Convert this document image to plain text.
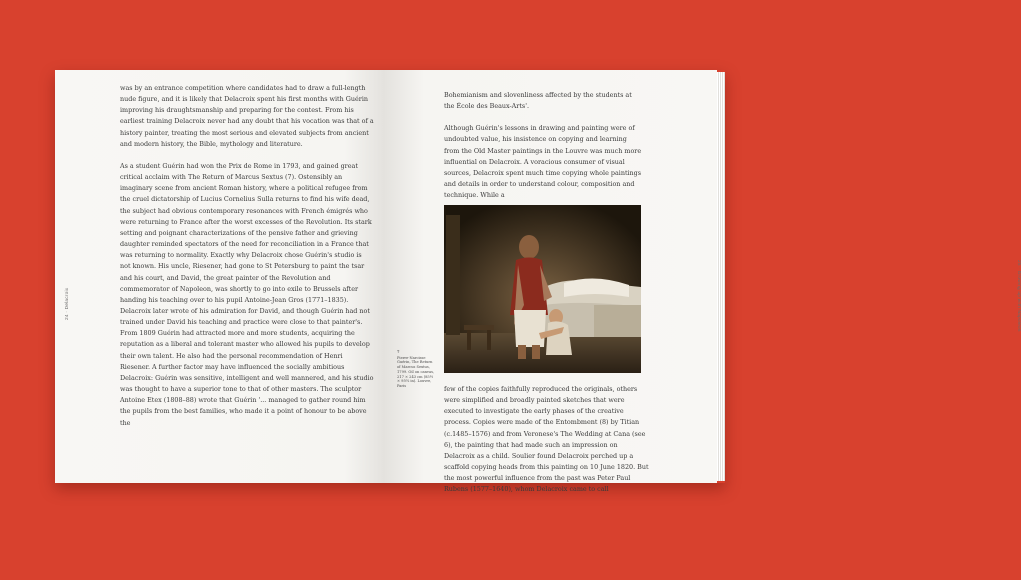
24 · Delacroix

was by an entrance competition where candidates had to draw a full-length nude figure, and it is likely that Delacroix spent his first months with Guérin improving his draughtsmanship and preparing for the contest. From his earliest training Delacroix never had any doubt that his vocation was that of a history painter, treating the most serious and elevated subjects from ancient and modern history, the Bible, mythology and literature.

As a student Guérin had won the Prix de Rome in 1793, and gained great critical acclaim with The Return of Marcus Sextus (7). Ostensibly an imaginary scene from ancient Roman history, where a political refugee from the cruel dictatorship of Lucius Cornelius Sulla returns to find his wife dead, the subject had obvious contemporary resonances with French émigrés who were returning to France after the worst excesses of the Revolution. Its stark setting and poignant characterizations of the pensive father and grieving daughter reminded spectators of the need for reconciliation in a France that was returning to normality. Exactly why Delacroix chose Guérin's studio is not known. His uncle, Riesener, had gone to St Petersburg to paint the tsar and his court, and David, the great painter of the Revolution and commemorator of Napoleon, was shortly to go into exile to Brussels after handing his teaching over to his pupil Antoine-Jean Gros (1771–1835). Delacroix later wrote of his admiration for David, and though Guérin had not trained under David his teaching and practice were close to that painter's. From 1809 Guérin had attracted more and more students, acquiring the reputation as a liberal and tolerant master who allowed his pupils to develop their own talent. He also had the personal recommendation of Henri Riesener. A further factor may have influenced the socially ambitious Delacroix: Guérin was sensitive, intelligent and well mannered, and his studio was thought to have a superior tone to that of other masters. The sculptor Antoine Etex (1808–88) wrote that Guérin '... managed to gather round him the pupils from the best families, who made it a point of honour to be above the

Bohemianism and slovenliness affected by the students at the École des Beaux-Arts'.

Although Guérin's lessons in drawing and painting were of undoubted value, his insistence on copying and learning from the Old Master paintings in the Louvre was much more influential on Delacroix. A voracious consumer of visual sources, Delacroix spent much time copying whole paintings and details in order to understand colour, composition and technique. While a

7
Pierre-Narcisse Guérin, The Return of Marcus Sextus, 1799. Oil on canvas, 217 × 243 cm (85½ × 95⅝ in). Louvre, Paris	few of the copies faithfully reproduced the originals, others were simplified and broadly painted sketches that were executed to investigate the early phases of the creative process. Copies were made of the Entombment (8) by Titian (c.1485–1576) and from Veronese's The Wedding at Cana (see 6), the painting that had made such an impression on Delacroix as a child. Soulier found Delacroix perched up a scaffold copying heads from this painting on 10 June 1820. But the most powerful influence from the past was Peter Paul Rubens (1577–1640), whom Delacroix came to call

25 · Growing up with Napoleon
